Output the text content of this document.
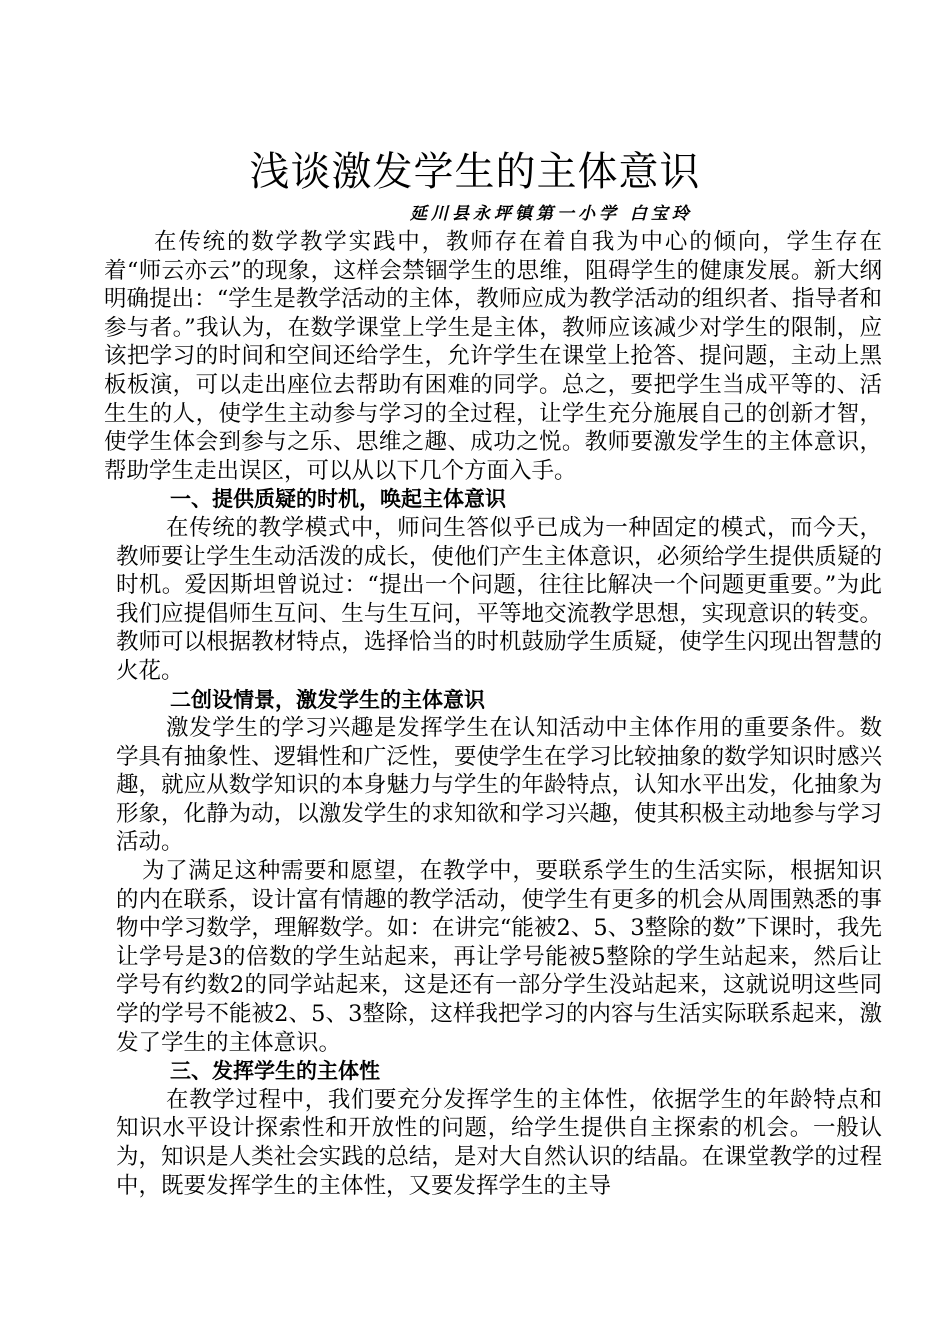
浅谈激发学生的主体意识

延川县永坪镇第一小学 白宝玲

在传统的数学教学实践中，教师存在着自我为中心的倾向，学生存在着“师云亦云”的现象，这样会禁锢学生的思维，阻碍学生的健康发展。新大纲明确提出：“学生是教学活动的主体，教师应成为教学活动的组织者、指导者和参与者。”我认为，在数学课堂上学生是主体，教师应该减少对学生的限制，应该把学习的时间和空间还给学生，允许学生在课堂上抢答、提问题，主动上黑板板演，可以走出座位去帮助有困难的同学。总之，要把学生当成平等的、活生生的人，使学生主动参与学习的全过程，让学生充分施展自己的创新才智，使学生体会到参与之乐、思维之趣、成功之悦。教师要激发学生的主体意识，帮助学生走出误区，可以从以下几个方面入手。

一、提供质疑的时机，唤起主体意识

在传统的教学模式中，师问生答似乎已成为一种固定的模式，而今天，教师要让学生生动活泼的成长，使他们产生主体意识，必须给学生提供质疑的时机。爱因斯坦曾说过：“提出一个问题，往往比解决一个问题更重要。”为此我们应提倡师生互问、生与生互问，平等地交流教学思想，实现意识的转变。教师可以根据教材特点，选择恰当的时机鼓励学生质疑，使学生闪现出智慧的火花。

二创设情景，激发学生的主体意识

激发学生的学习兴趣是发挥学生在认知活动中主体作用的重要条件。数学具有抽象性、逻辑性和广泛性，要使学生在学习比较抽象的数学知识时感兴趣，就应从数学知识的本身魅力与学生的年龄特点，认知水平出发，化抽象为形象，化静为动，以激发学生的求知欲和学习兴趣，使其积极主动地参与学习活动。

为了满足这种需要和愿望，在教学中，要联系学生的生活实际，根据知识的内在联系，设计富有情趣的教学活动，使学生有更多的机会从周围熟悉的事物中学习数学，理解数学。如：在讲完“能被2、5、3整除的数”下课时，我先让学号是3的倍数的学生站起来，再让学号能被5整除的学生站起来，然后让学号有约数2的同学站起来，这是还有一部分学生没站起来，这就说明这些同学的学号不能被2、5、3整除，这样我把学习的内容与生活实际联系起来，激发了学生的主体意识。

三、发挥学生的主体性

在教学过程中，我们要充分发挥学生的主体性，依据学生的年龄特点和知识水平设计探索性和开放性的问题，给学生提供自主探索的机会。一般认为，知识是人类社会实践的总结，是对大自然认识的结晶。在课堂教学的过程中，既要发挥学生的主体性，又要发挥学生的主导
